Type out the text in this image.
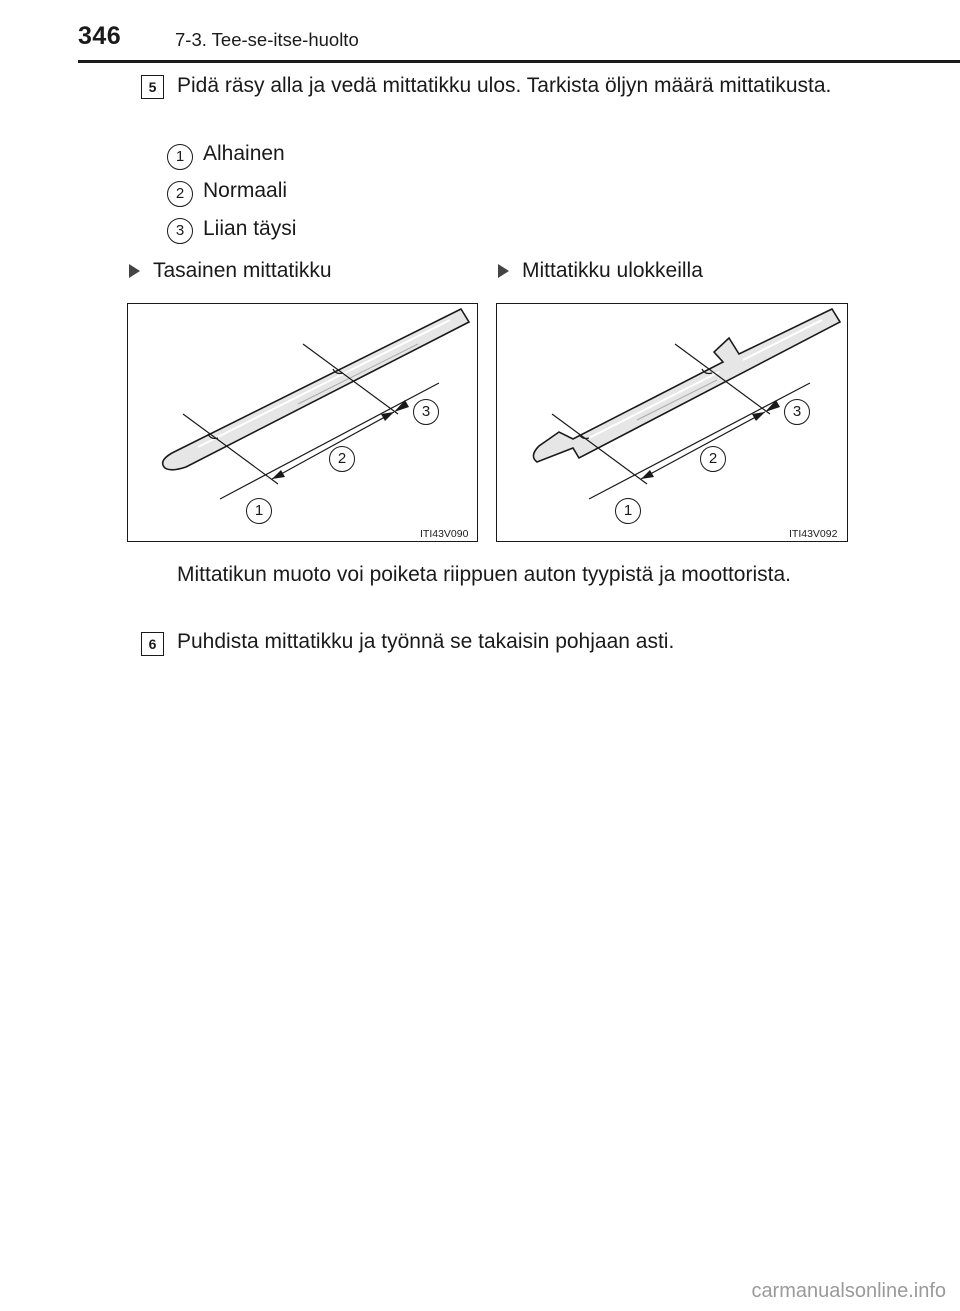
346	7-3. Tee-se-itse-huolto
5 Pidä räsy alla ja vedä mittatikku ulos. Tarkista öljyn määrä mittatikusta.
1 Alhainen
2 Normaali
3 Liian täysi
Tasainen mittatikku	Mittatikku ulokkeilla
1
2
3
ITI43V090
1
2
3
ITI43V092
Mittatikun muoto voi poiketa riippuen auton tyypistä ja moottorista.
6 Puhdista mittatikku ja työnnä se takaisin pohjaan asti.
carmanualsonline.info
